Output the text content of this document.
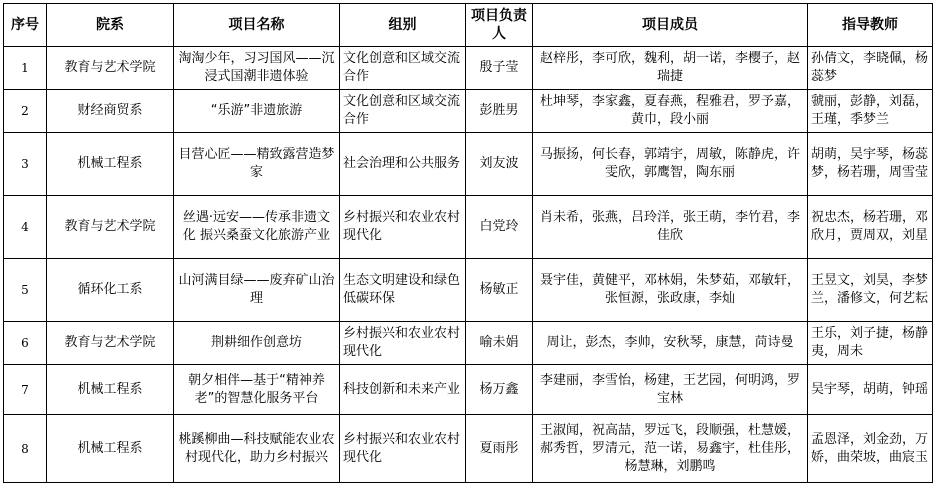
序号	院系	项目名称	组别	项目负责人	项目成员	指导教师
1	教育与艺术学院	淘淘少年，习习国风——沉浸式国潮非遗体验	文化创意和区域交流合作	殷子莹	赵梓彤，李可欣，魏利，胡一诺，李樱子，赵瑞捷	孙倩文，李晓佩，杨蕊梦
2	财经商贸系	“乐游”非遗旅游	文化创意和区域交流合作	彭胜男	杜坤琴，李家鑫，夏春燕，程雅君，罗予嘉，黄巾，段小丽	虢丽，彭静，刘磊，王瑾，季梦兰
3	机械工程系	目营心匠——精致露营造梦家	社会治理和公共服务	刘友波	马振扬，何长春，郭靖宇，周敏，陈静虎，许雯欣，郭鹰智，陶东丽	胡萌，吴宇琴，杨蕊梦，杨若珊，周雪莹
4	教育与艺术学院	丝遇·远安——传承非遗文化 振兴桑蚕文化旅游产业	乡村振兴和农业农村现代化	白党玲	肖未希，张燕，吕玲洋，张王萌，李竹君，李佳欣	祝忠杰，杨若珊，邓欣月，贾周双，刘星
5	循环化工系	山河满目绿——废弃矿山治理	生态文明建设和绿色低碳环保	杨敏正	聂宇佳，黄健平，邓林娟，朱梦茹，邓敏轩，张恒源，张政康，李灿	王昱文，刘昊，李梦兰，潘修文，何艺耘
6	教育与艺术学院	荆耕细作创意坊	乡村振兴和农业农村现代化	喻未娟	周让，彭杰，李帅，安秋琴，康慧，苘诗曼	王乐，刘子捷，杨静夷，周未
7	机械工程系	朝夕相伴—基于“精神养老”的智慧化服务平台	科技创新和未来产业	杨万鑫	李建丽，李雪怡，杨建，王艺园，何明鸿，罗宝林	吴宇琴，胡萌，钟瑶
8	机械工程系	桃蹊柳曲—科技赋能农业农村现代化，助力乡村振兴	乡村振兴和农业农村现代化	夏雨彤	王淑闻，祝高喆，罗远飞，段顺强，杜慧媛，郝秀哲，罗清元，范一诺，易鑫宇，杜佳彤，杨慧琳，刘鹏鸣	孟恩泽，刘金劲，万娇，曲荣坡，曲宸玉
